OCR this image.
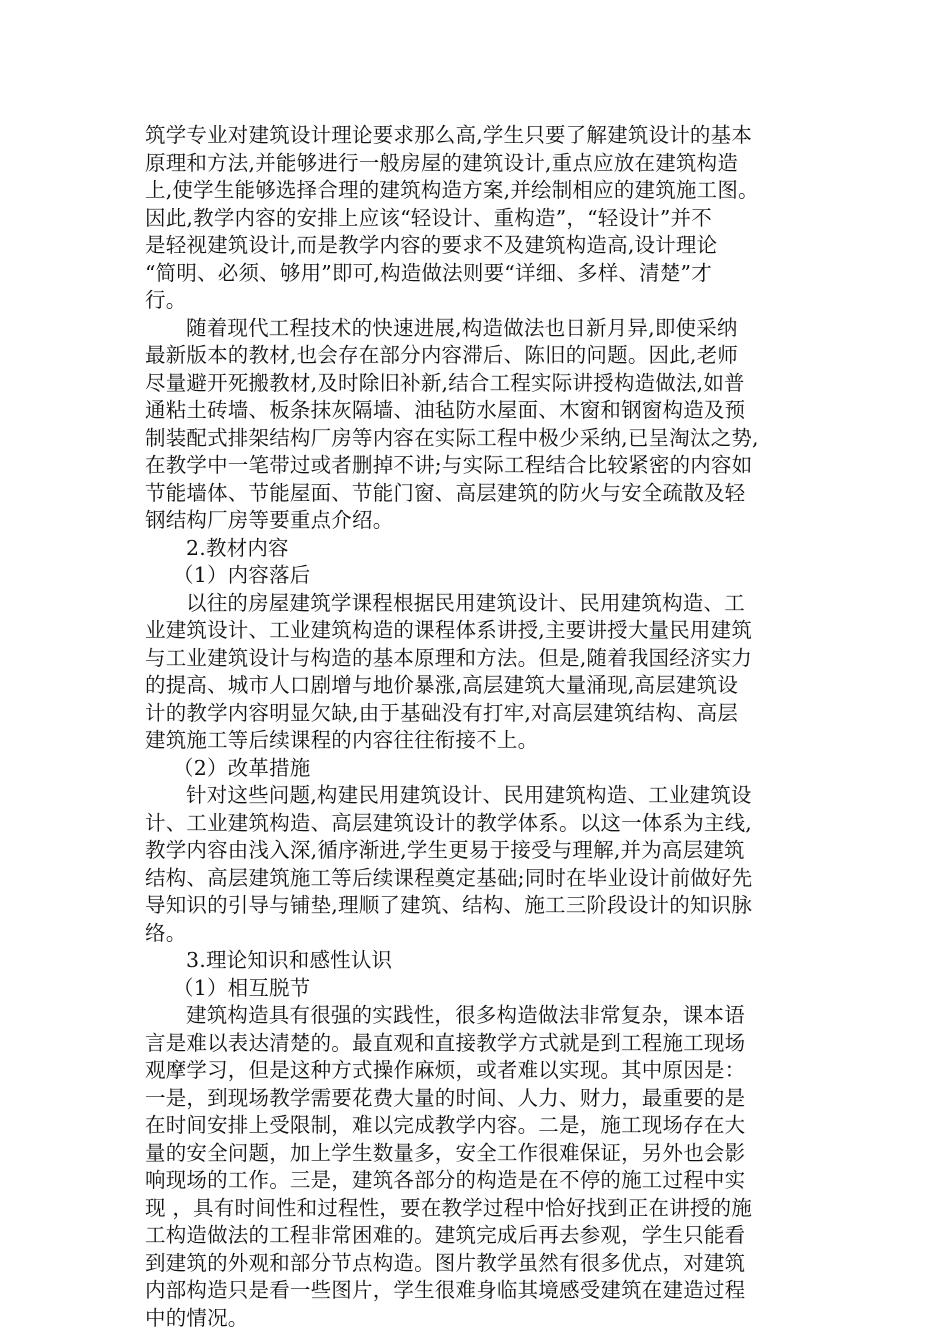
筑学专业对建筑设计理论要求那么高,学生只要了解建筑设计的基本
原理和方法,并能够进行一般房屋的建筑设计,重点应放在建筑构造
上,使学生能够选择合理的建筑构造方案,并绘制相应的建筑施工图。
因此,教学内容的安排上应该“轻设计、重构造”，“轻设计”并不
是轻视建筑设计,而是教学内容的要求不及建筑构造高,设计理论
“简明、必须、够用”即可,构造做法则要“详细、多样、清楚”才
行。
随着现代工程技术的快速进展,构造做法也日新月异,即使采纳
最新版本的教材,也会存在部分内容滞后、陈旧的问题。因此,老师
尽量避开死搬教材,及时除旧补新,结合工程实际讲授构造做法,如普
通粘土砖墙、板条抹灰隔墙、油毡防水屋面、木窗和钢窗构造及预
制装配式排架结构厂房等内容在实际工程中极少采纳,已呈淘汰之势,
在教学中一笔带过或者删掉不讲;与实际工程结合比较紧密的内容如
节能墙体、节能屋面、节能门窗、高层建筑的防火与安全疏散及轻
钢结构厂房等要重点介绍。
2.教材内容
（1）内容落后
以往的房屋建筑学课程根据民用建筑设计、民用建筑构造、工
业建筑设计、工业建筑构造的课程体系讲授,主要讲授大量民用建筑
与工业建筑设计与构造的基本原理和方法。但是,随着我国经济实力
的提高、城市人口剧增与地价暴涨,高层建筑大量涌现,高层建筑设
计的教学内容明显欠缺,由于基础没有打牢,对高层建筑结构、高层
建筑施工等后续课程的内容往往衔接不上。
（2）改革措施
针对这些问题,构建民用建筑设计、民用建筑构造、工业建筑设
计、工业建筑构造、高层建筑设计的教学体系。以这一体系为主线,
教学内容由浅入深,循序渐进,学生更易于接受与理解,并为高层建筑
结构、高层建筑施工等后续课程奠定基础;同时在毕业设计前做好先
导知识的引导与铺垫,理顺了建筑、结构、施工三阶段设计的知识脉
络。
3.理论知识和感性认识
（1）相互脱节
建筑构造具有很强的实践性，很多构造做法非常复杂，课本语
言是难以表达清楚的。最直观和直接教学方式就是到工程施工现场
观摩学习，但是这种方式操作麻烦，或者难以实现。其中原因是：
一是，到现场教学需要花费大量的时间、人力、财力，最重要的是
在时间安排上受限制，难以完成教学内容。二是，施工现场存在大
量的安全问题，加上学生数量多，安全工作很难保证，另外也会影
响现场的工作。三是，建筑各部分的构造是在不停的施工过程中实
现 ，具有时间性和过程性，要在教学过程中恰好找到正在讲授的施
工构造做法的工程非常困难的。建筑完成后再去参观，学生只能看
到建筑的外观和部分节点构造。图片教学虽然有很多优点，对建筑
内部构造只是看一些图片，学生很难身临其境感受建筑在建造过程
中的情况。
